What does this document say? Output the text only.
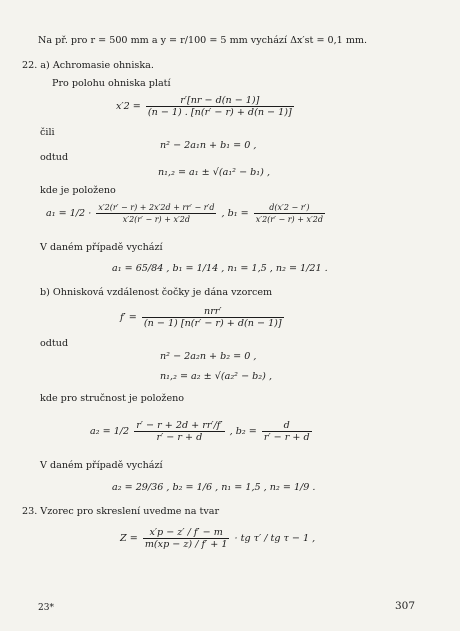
Na př. pro r = 500 mm a y = r/100 = 5 mm vychází Δx′st = 0,1 mm.
22. a) Achromasie ohniska.
Pro polohu ohniska platí
$x'2 = \frac{r'[nr - d(n - 1)]}{(n - 1) . [n(r' - r) + d(n - 1)]}$
čili
n² − 2a₁n + b₁ = 0 ,
odtud
n₁,₂ = a₁ ± √(a₁² − b₁) ,
kde je položeno
$a_1 = 1/2 \cdot \frac{x'2(r' - r) + 2x'2d + rr' - r'd}{x'2(r' - r) + x'2d}$ , $b_1 = \frac{d(x'2 - r')}{x'2(r' - r) + x'2d}$
V daném případě vychází
a₁ = 65/84 , b₁ = 1/14 , n₁ = 1,5 , n₂ = 1/21 .
b) Ohnisková vzdálenost čočky je dána vzorcem
$f' = \frac{\text{nrr′}}{(n - 1) [n(r' - r) + d(n - 1)]}$
odtud
n² − 2a₂n + b₂ = 0 ,
n₁,₂ = a₂ ± √(a₂² − b₂) ,
kde pro stručnost je položeno
$a_2 = 1/2 \frac{r' - r + 2d + rr'/f'}{r' - r + d}$ , $b_2 = \frac{d}{r' - r + d}$
V daném případě vychází
a₂ = 29/36 , b₂ = 1/6 , n₁ = 1,5 , n₂ = 1/9 .
23. Vzorec pro skreslení uvedme na tvar
$Z = \frac{x'p - z' / f' - m}{m(xp - z) / f' + 1}$ · tg τ′ / tg τ − 1 ,
23*	307
